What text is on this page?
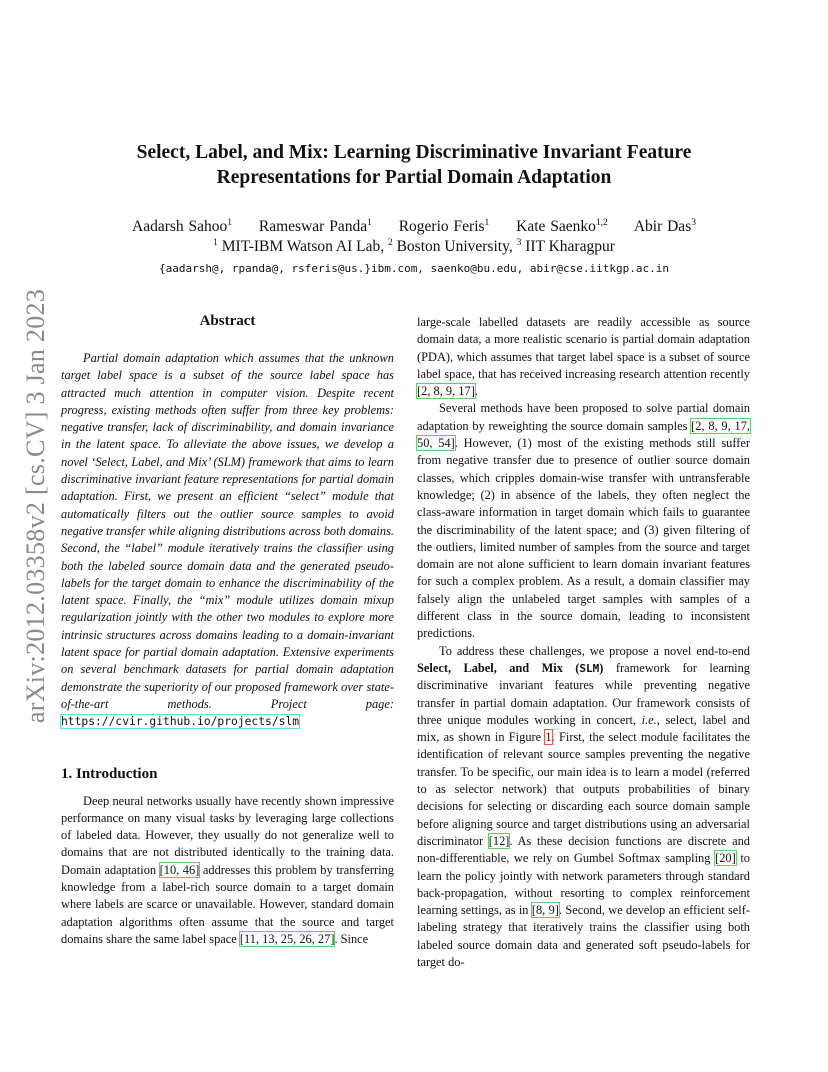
arXiv:2012.03358v2 [cs.CV] 3 Jan 2023
Select, Label, and Mix: Learning Discriminative Invariant Feature
Representations for Partial Domain Adaptation
Aadarsh Sahoo$^1$ Rameswar Panda$^1$ Rogerio Feris$^1$ Kate Saenko$^{1,2}$ Abir Das$^3$
$^1$ MIT-IBM Watson AI Lab, $^2$ Boston University, $^3$ IIT Kharagpur
{aadarsh@, rpanda@, rsferis@us.}ibm.com, saenko@bu.edu, abir@cse.iitkgp.ac.in
Abstract

Partial domain adaptation which assumes that the unknown target label space is a subset of the source label space has attracted much attention in computer vision. Despite recent progress, existing methods often suffer from three key problems: negative transfer, lack of discriminability, and domain invariance in the latent space. To alleviate the above issues, we develop a novel ‘Select, Label, and Mix’ (SLM) framework that aims to learn discriminative invariant feature representations for partial domain adaptation. First, we present an efficient “select” module that automatically filters out the outlier source samples to avoid negative transfer while aligning distributions across both domains. Second, the “label” module iteratively trains the classifier using both the labeled source domain data and the generated pseudo-labels for the target domain to enhance the discriminability of the latent space. Finally, the “mix” module utilizes domain mixup regularization jointly with the other two modules to explore more intrinsic structures across domains leading to a domain-invariant latent space for partial domain adaptation. Extensive experiments on several benchmark datasets for partial domain adaptation demonstrate the superiority of our proposed framework over state-of-the-art methods. Project page: https://cvir.github.io/projects/slm

1. Introduction

Deep neural networks usually have recently shown impressive performance on many visual tasks by leveraging large collections of labeled data. However, they usually do not generalize well to domains that are not distributed identically to the training data. Domain adaptation [10, 46] addresses this problem by transferring knowledge from a label-rich source domain to a target domain where labels are scarce or unavailable. However, standard domain adaptation algorithms often assume that the source and target domains share the same label space [11, 13, 25, 26, 27]. Since

large-scale labelled datasets are readily accessible as source domain data, a more realistic scenario is partial domain adaptation (PDA), which assumes that target label space is a subset of source label space, that has received increasing research attention recently [2, 8, 9, 17].

Several methods have been proposed to solve partial domain adaptation by reweighting the source domain samples [2, 8, 9, 17, 50, 54]. However, (1) most of the existing methods still suffer from negative transfer due to presence of outlier source domain classes, which cripples domain-wise transfer with untransferable knowledge; (2) in absence of the labels, they often neglect the class-aware information in target domain which fails to guarantee the discriminability of the latent space; and (3) given filtering of the outliers, limited number of samples from the source and target domain are not alone sufficient to learn domain invariant features for such a complex problem. As a result, a domain classifier may falsely align the unlabeled target samples with samples of a different class in the source domain, leading to inconsistent predictions.

To address these challenges, we propose a novel end-to-end Select, Label, and Mix (SLM) framework for learning discriminative invariant features while preventing negative transfer in partial domain adaptation. Our framework consists of three unique modules working in concert, i.e., select, label and mix, as shown in Figure 1. First, the select module facilitates the identification of relevant source samples preventing the negative transfer. To be specific, our main idea is to learn a model (referred to as selector network) that outputs probabilities of binary decisions for selecting or discarding each source domain sample before aligning source and target distributions using an adversarial discriminator [12]. As these decision functions are discrete and non-differentiable, we rely on Gumbel Softmax sampling [20] to learn the policy jointly with network parameters through standard back-propagation, without resorting to complex reinforcement learning settings, as in [8, 9]. Second, we develop an efficient self-labeling strategy that iteratively trains the classifier using both labeled source domain data and generated soft pseudo-labels for target do-
